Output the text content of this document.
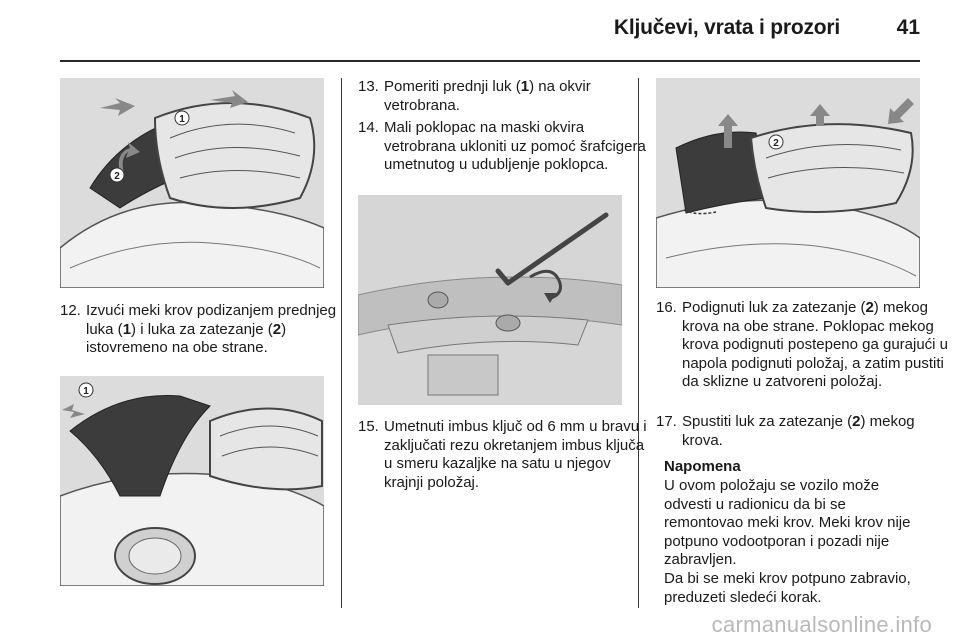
Ključevi, vrata i prozori	41
1
2
12. Izvući meki krov podizanjem prednjeg luka (1) i luka za zatezanje (2) istovremeno na obe strane.
1
13. Pomeriti prednji luk (1) na okvir vetrobrana.
14. Mali poklopac na maski okvira vetrobrana ukloniti uz pomoć šrafcigera umetnutog u udubljenje poklopca.
15. Umetnuti imbus ključ od 6 mm u bravu i zaključati rezu okretanjem imbus ključa u smeru kazaljke na satu u njegov krajnji položaj.
2
16. Podignuti luk za zatezanje (2) mekog krova na obe strane. Poklopac mekog krova podignuti postepeno ga gurajući u napola podignuti položaj, a zatim pustiti da sklizne u zatvoreni položaj.
17. Spustiti luk za zatezanje (2) mekog krova.
Napomena
U ovom položaju se vozilo može odvesti u radionicu da bi se remontovao meki krov. Meki krov nije potpuno vodootporan i pozadi nije zabravljen.
Da bi se meki krov potpuno zabravio, preduzeti sledeći korak.
carmanualsonline.info
